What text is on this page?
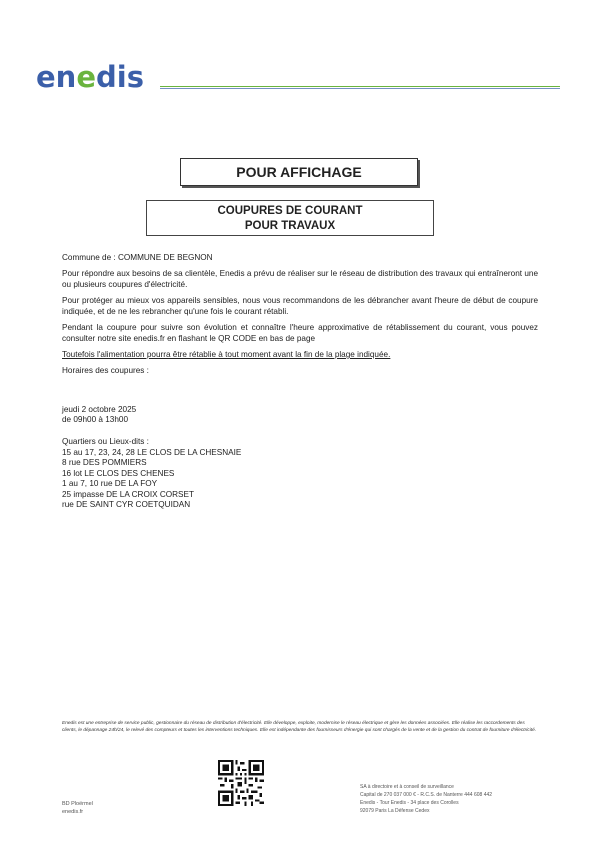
enedis
POUR AFFICHAGE
COUPURES DE COURANT
POUR TRAVAUX

Commune de : COMMUNE DE BEGNON

Pour répondre aux besoins de sa clientèle, Enedis a prévu de réaliser sur le réseau de distribution des travaux qui entraîneront une ou plusieurs coupures d'électricité.

Pour protéger au mieux vos appareils sensibles, nous vous recommandons de les débrancher avant l'heure de début de coupure indiquée, et de ne les rebrancher qu'une fois le courant rétabli.

Pendant la coupure pour suivre son évolution et connaître l'heure approximative de rétablissement du courant, vous pouvez consulter notre site enedis.fr en flashant le QR CODE en bas de page

Toutefois l'alimentation pourra être rétablie à tout moment avant la fin de la plage indiquée.

Horaires des coupures :

jeudi 2 octobre 2025
de 09h00 à 13h00
Quartiers ou Lieux-dits :
15 au 17, 23, 24, 28 LE CLOS DE LA CHESNAIE
8 rue DES POMMIERS
16 lot LE CLOS DES CHENES
1 au 7, 10 rue DE LA FOY
25 impasse DE LA CROIX CORSET
rue DE SAINT CYR COETQUIDAN
Enedis est une entreprise de service public, gestionnaire du réseau de distribution d'électricité. Elle développe, exploite, modernise le réseau électrique et gère les données associées. Elle réalise les raccordements des clients, le dépannage 24h/24, le relevé des compteurs et toutes les interventions techniques. Elle est indépendante des fournisseurs d'énergie qui sont chargés de la vente et de la gestion du contrat de fourniture d'électricité.
SA à directoire et à conseil de surveillance
Capital de 270 037 000 € - R.C.S. de Nanterre 444 608 442
Enedis - Tour Enedis - 34 place des Corolles
92079 Paris La Défense Cedex
BD Ploërmel
enedis.fr
